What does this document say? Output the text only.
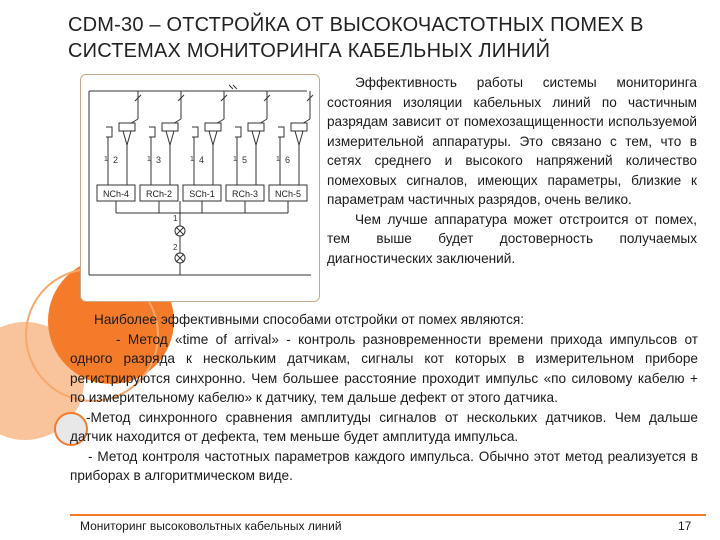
CDM-30 – ОТСТРОЙКА ОТ ВЫСОКОЧАСТОТНЫХ ПОМЕХ В СИСТЕМАХ МОНИТОРИНГА КАБЕЛЬНЫХ ЛИНИЙ
1 2
NCh-4
1 3
RCh-2
1 4
SCh-1
1 5
RCh-3
1 6
NCh-5
1
2

Эффективность работы системы мониторинга состояния изоляции кабельных линий по частичным разрядам зависит от помехозащищенности используемой измерительной аппаратуры. Это связано с тем, что в сетях среднего и высокого напряжений количество помеховых сигналов, имеющих параметры, близкие к параметрам частичных разрядов, очень велико.

Чем лучше аппаратура может отстроится от помех, тем выше будет достоверность получаемых диагностических заключений.

Наиболее эффективными способами отстройки от помех являются:

- Метод «time of arrival» - контроль разновременности времени прихода импульсов от одного разряда к нескольким датчикам, сигналы кот которых в измерительном приборе регистрируются синхронно. Чем большее расстояние проходит импульс «по силовому кабелю + по измерительному кабелю» к датчику, тем дальше дефект от этого датчика.

-Метод синхронного сравнения амплитуды сигналов от нескольких датчиков. Чем дальше датчик находится от дефекта, тем меньше будет амплитуда импульса.

- Метод контроля частотных параметров каждого импульса. Обычно этот метод реализуется в приборах в алгоритмическом виде.

Мониторинг высоковольтных кабельных линий	17
